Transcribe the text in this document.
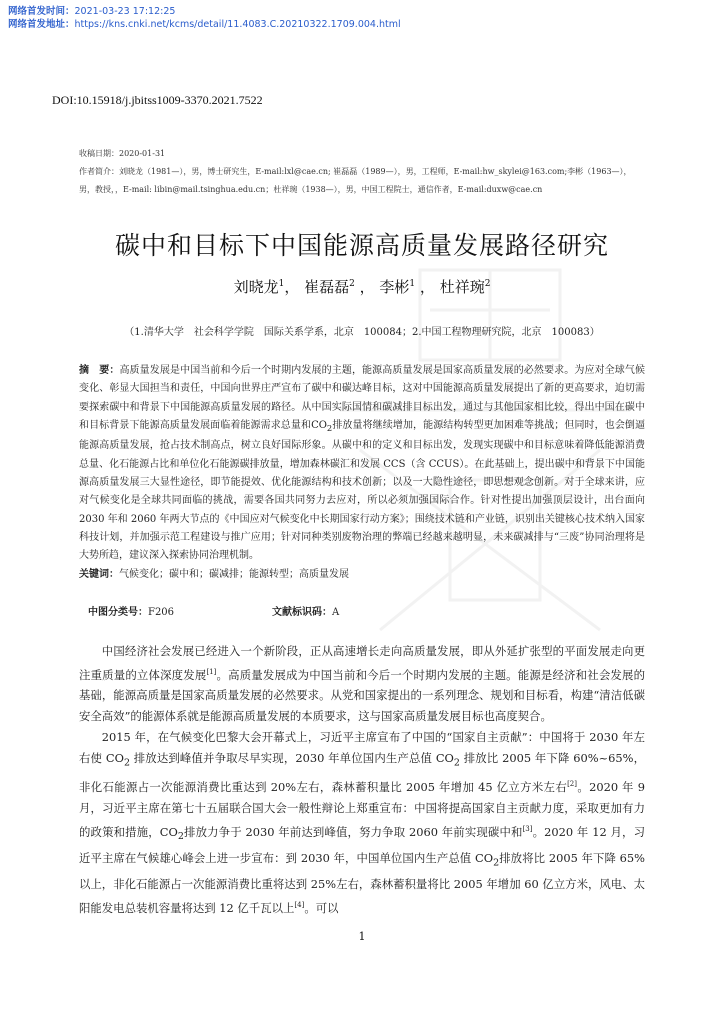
网络首发时间：2021-03-23 17:12:25
网络首发地址：https://kns.cnki.net/kcms/detail/11.4083.C.20210322.1709.004.html
DOI:10.15918/j.jbitss1009-3370.2021.7522
收稿日期：2020-01-31
作者简介：刘晓龙（1981—），男，博士研究生，E-mail:lxl@cae.cn; 崔磊磊（1989—），男，工程师，E-mail:hw_skylei@163.com;李彬（1963—），
男，教授，，E-mail: libin@mail.tsinghua.edu.cn；杜祥琬（1938—），男，中国工程院士，通信作者，E-mail:duxw@cae.cn
碳中和目标下中国能源高质量发展路径研究
刘晓龙$^1$， 崔磊磊$^2$ ， 李彬$^1$ ， 杜祥琬$^2$
（1.清华大学　社会科学学院　国际关系学系，北京　100084；2.中国工程物理研究院，北京　100083）

摘　要：高质量发展是中国当前和今后一个时期内发展的主题，能源高质量发展是国家高质量发展的必然要求。为应对全球气候变化、彰显大国担当和责任，中国向世界庄严宣布了碳中和碳达峰目标，这对中国能源高质量发展提出了新的更高要求，迫切需要探索碳中和背景下中国能源高质量发展的路径。从中国实际国情和碳减排目标出发，通过与其他国家相比较，得出中国在碳中和目标背景下能源高质量发展面临着能源需求总量和$CO_2$排放量将继续增加，能源结构转型更加困难等挑战；但同时，也会倒逼能源高质量发展，抢占技术制高点，树立良好国际形象。从碳中和的定义和目标出发，发现实现碳中和目标意味着降低能源消费总量、化石能源占比和单位化石能源碳排放量，增加森林碳汇和发展 CCS（含 CCUS）。在此基础上，提出碳中和背景下中国能源高质量发展三大显性途径，即节能提效、优化能源结构和技术创新；以及一大隐性途径，即思想观念创新。对于全球来讲，应对气候变化是全球共同面临的挑战，需要各国共同努力去应对，所以必须加强国际合作。针对性提出加强顶层设计，出台面向 2030 年和 2060 年两大节点的《中国应对气候变化中长期国家行动方案》；围绕技术链和产业链，识别出关键核心技术纳入国家科技计划，并加强示范工程建设与推广应用；针对同种类别废物治理的弊端已经越来越明显，未来碳减排与“三废”协同治理将是大势所趋，建议深入探索协同治理机制。

关键词：气候变化；碳中和；碳减排；能源转型；高质量发展

中图分类号：F206	文献标识码：A

中国经济社会发展已经进入一个新阶段，正从高速增长走向高质量发展，即从外延扩张型的平面发展走向更注重质量的立体深度发展[1]。高质量发展成为中国当前和今后一个时期内发展的主题。能源是经济和社会发展的基础，能源高质量是国家高质量发展的必然要求。从党和国家提出的一系列理念、规划和目标看，构建“清洁低碳安全高效”的能源体系就是能源高质量发展的本质要求，这与国家高质量发展目标也高度契合。

2015 年，在气候变化巴黎大会开幕式上，习近平主席宣布了中国的“国家自主贡献”：中国将于 2030 年左右使 $CO_2$ 排放达到峰值并争取尽早实现，2030 年单位国内生产总值 $CO_2$ 排放比 2005 年下降 60%~65%，非化石能源占一次能源消费比重达到 20%左右，森林蓄积量比 2005 年增加 45 亿立方米左右[2]。2020 年 9 月，习近平主席在第七十五届联合国大会一般性辩论上郑重宣布：中国将提高国家自主贡献力度，采取更加有力的政策和措施，$CO_2$排放力争于 2030 年前达到峰值，努力争取 2060 年前实现碳中和[3]。2020 年 12 月，习近平主席在气候雄心峰会上进一步宣布：到 2030 年，中国单位国内生产总值 $CO_2$排放将比 2005 年下降 65%以上，非化石能源占一次能源消费比重将达到 25%左右，森林蓄积量将比 2005 年增加 60 亿立方米，风电、太阳能发电总装机容量将达到 12 亿千瓦以上[4]。可以

1
